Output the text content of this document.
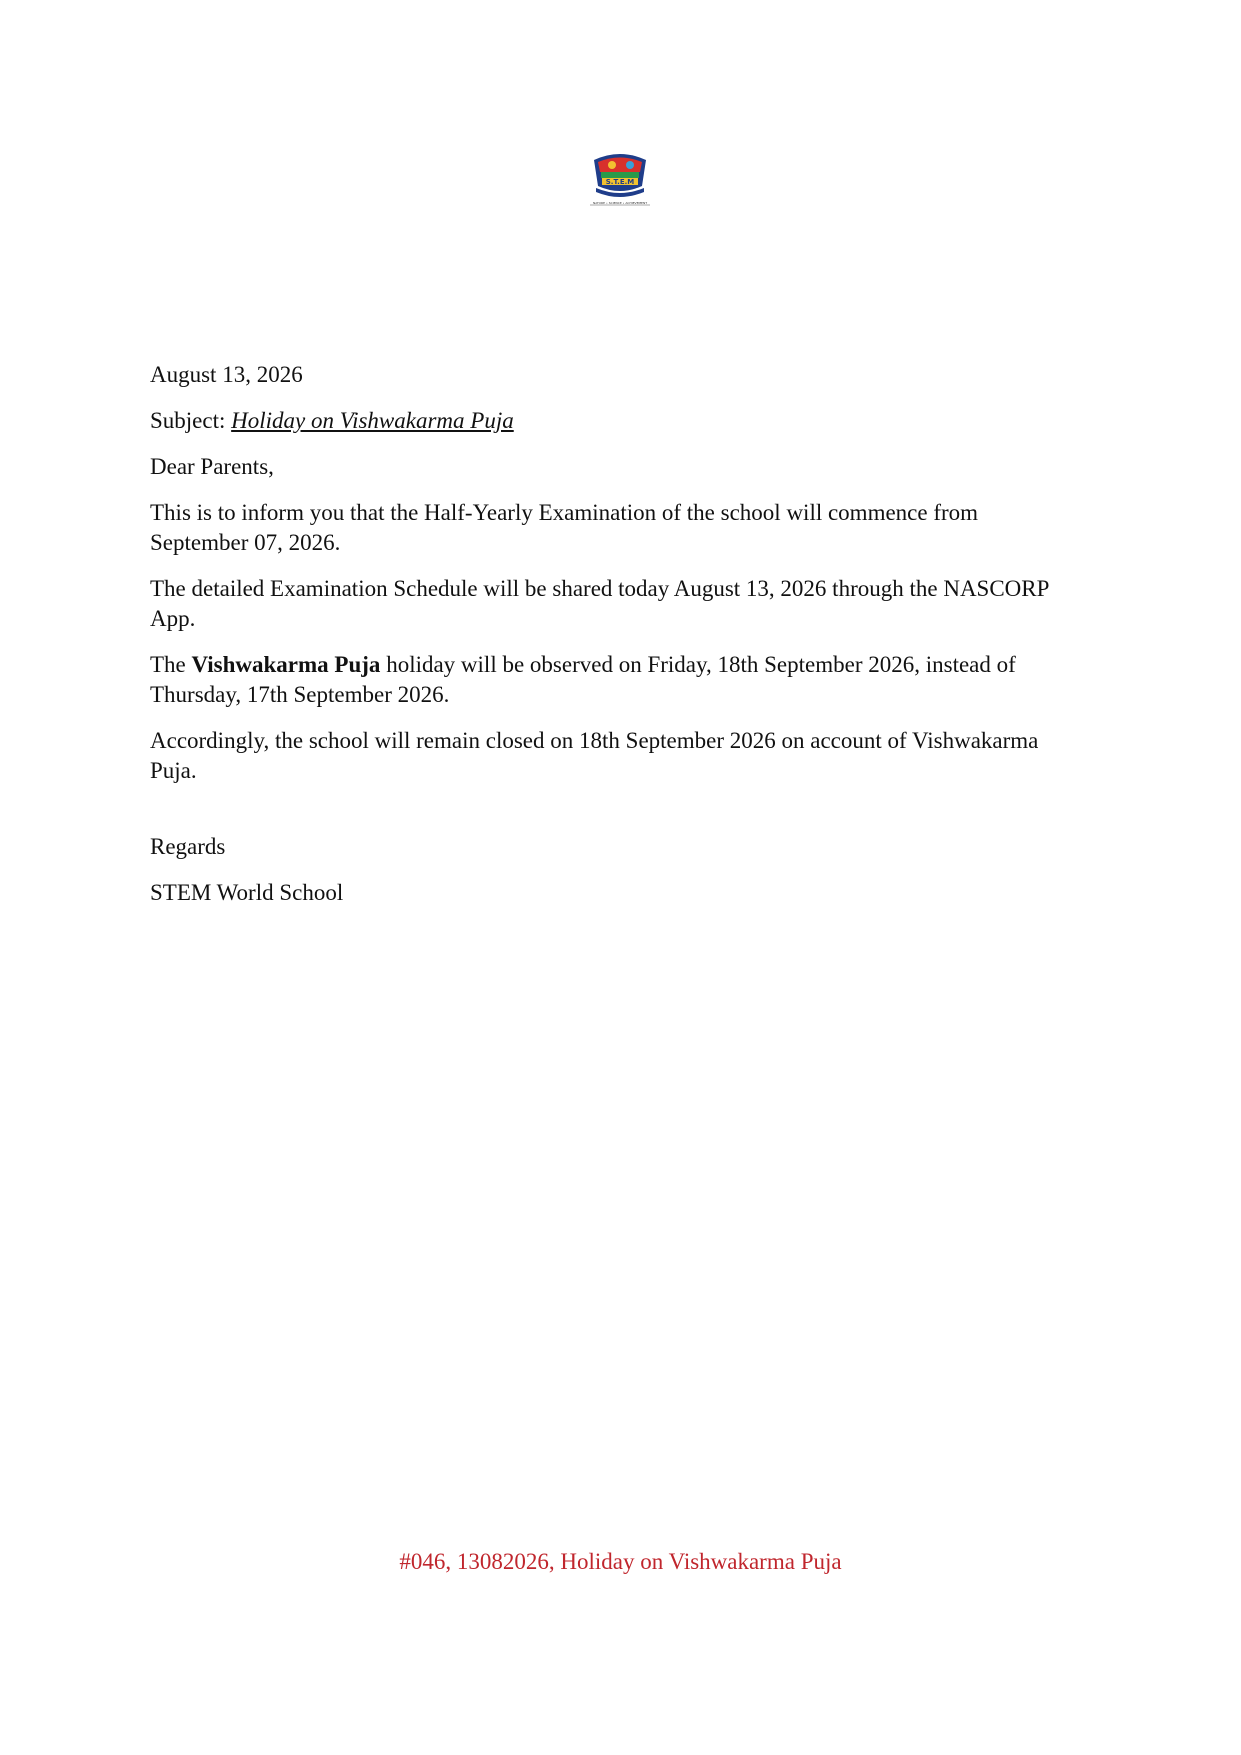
S.T.E.M
NATURE • SCIENCE • ACHIEVEMENT

August 13, 2026

Subject: Holiday on Vishwakarma Puja

Dear Parents,

This is to inform you that the Half-Yearly Examination of the school will commence from September 07, 2026.

The detailed Examination Schedule will be shared today August 13, 2026 through the NASCORP App.

The Vishwakarma Puja holiday will be observed on Friday, 18th September 2026, instead of Thursday, 17th September 2026.

Accordingly, the school will remain closed on 18th September 2026 on account of Vishwakarma Puja.

Regards

STEM World School

#046, 13082026, Holiday on Vishwakarma Puja
